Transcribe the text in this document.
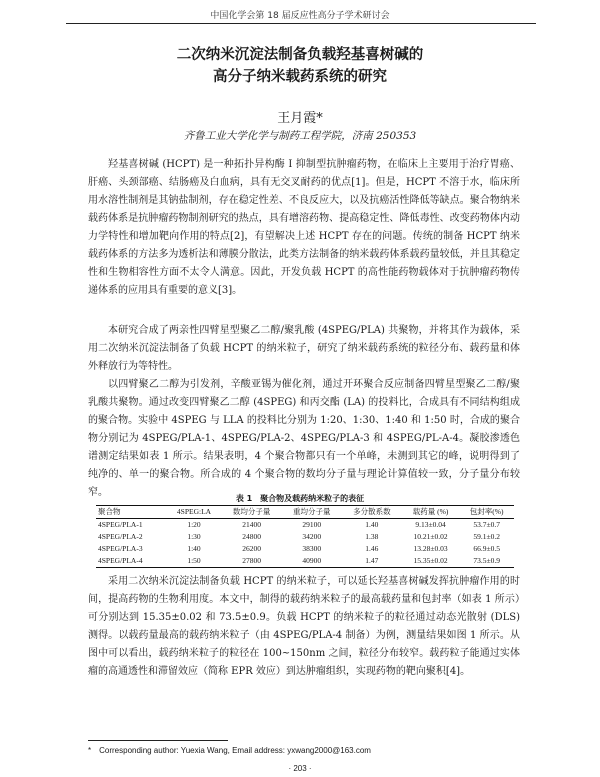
中国化学会第 18 届反应性高分子学术研讨会
二次纳米沉淀法制备负载羟基喜树碱的
高分子纳米载药系统的研究
王月霞*
齐鲁工业大学化学与制药工程学院，济南 250353

羟基喜树碱 (HCPT) 是一种拓扑异构酶 I 抑制型抗肿瘤药物，在临床上主要用于治疗胃癌、肝癌、头颈部癌、结肠癌及白血病，具有无交叉耐药的优点[1]。但是，HCPT 不溶于水，临床所用水溶性制剂是其钠盐制剂，存在稳定性差、不良反应大，以及抗癌活性降低等缺点。聚合物纳米载药体系是抗肿瘤药物制剂研究的热点，具有增溶药物、提高稳定性、降低毒性、改变药物体内动力学特性和增加靶向作用的特点[2]，有望解决上述 HCPT 存在的问题。传统的制备 HCPT 纳米载药体系的方法多为透析法和薄膜分散法，此类方法制备的纳米载药体系载药量较低，并且其稳定性和生物相容性方面不太令人满意。因此，开发负载 HCPT 的高性能药物载体对于抗肿瘤药物传递体系的应用具有重要的意义[3]。

本研究合成了两亲性四臂星型聚乙二醇/聚乳酸 (4SPEG/PLA) 共聚物，并将其作为载体，采用二次纳米沉淀法制备了负载 HCPT 的纳米粒子，研究了纳米载药系统的粒径分布、载药量和体外释放行为等特性。

以四臂聚乙二醇为引发剂，辛酸亚锡为催化剂，通过开环聚合反应制备四臂星型聚乙二醇/聚乳酸共聚物。通过改变四臂聚乙二醇 (4SPEG) 和丙交酯 (LA) 的投料比，合成具有不同结构组成的聚合物。实验中 4SPEG 与 LLA 的投料比分别为 1:20、1:30、1:40 和 1:50 时，合成的聚合物分别记为 4SPEG/PLA-1、4SPEG/PLA-2、4SPEG/PLA-3 和 4SPEG/PL-A-4。凝胶渗透色谱测定结果如表 1 所示。结果表明，4 个聚合物都只有一个单峰，未测到其它的峰，说明得到了纯净的、单一的聚合物。所合成的 4 个聚合物的数均分子量与理论计算值较一致，分子量分布较窄。

表 1　聚合物及载药纳米粒子的表征
聚合物	4SPEG:LA	数均分子量	重均分子量	多分散系数	载药量 (%)	包封率(%)
4SPEG/PLA-1	1:20	21400	29100	1.40	9.13±0.04	53.7±0.7
4SPEG/PLA-2	1:30	24800	34200	1.38	10.21±0.02	59.1±0.2
4SPEG/PLA-3	1:40	26200	38300	1.46	13.28±0.03	66.9±0.5
4SPEG/PLA-4	1:50	27800	40900	1.47	15.35±0.02	73.5±0.9

采用二次纳米沉淀法制备负载 HCPT 的纳米粒子，可以延长羟基喜树碱发挥抗肿瘤作用的时间，提高药物的生物利用度。本文中，制得的载药纳米粒子的最高载药量和包封率（如表 1 所示）可分别达到 15.35±0.02 和 73.5±0.9。负载 HCPT 的纳米粒子的粒径通过动态光散射 (DLS) 测得。以载药量最高的载药纳米粒子（由 4SPEG/PLA-4 制备）为例，测量结果如图 1 所示。从图中可以看出，载药纳米粒子的粒径在 100~150nm 之间，粒径分布较窄。载药粒子能通过实体瘤的高通透性和滞留效应（简称 EPR 效应）到达肿瘤组织，实现药物的靶向聚积[4]。

*　Corresponding author: Yuexia Wang, Email address: yxwang2000@163.com
· 203 ·
